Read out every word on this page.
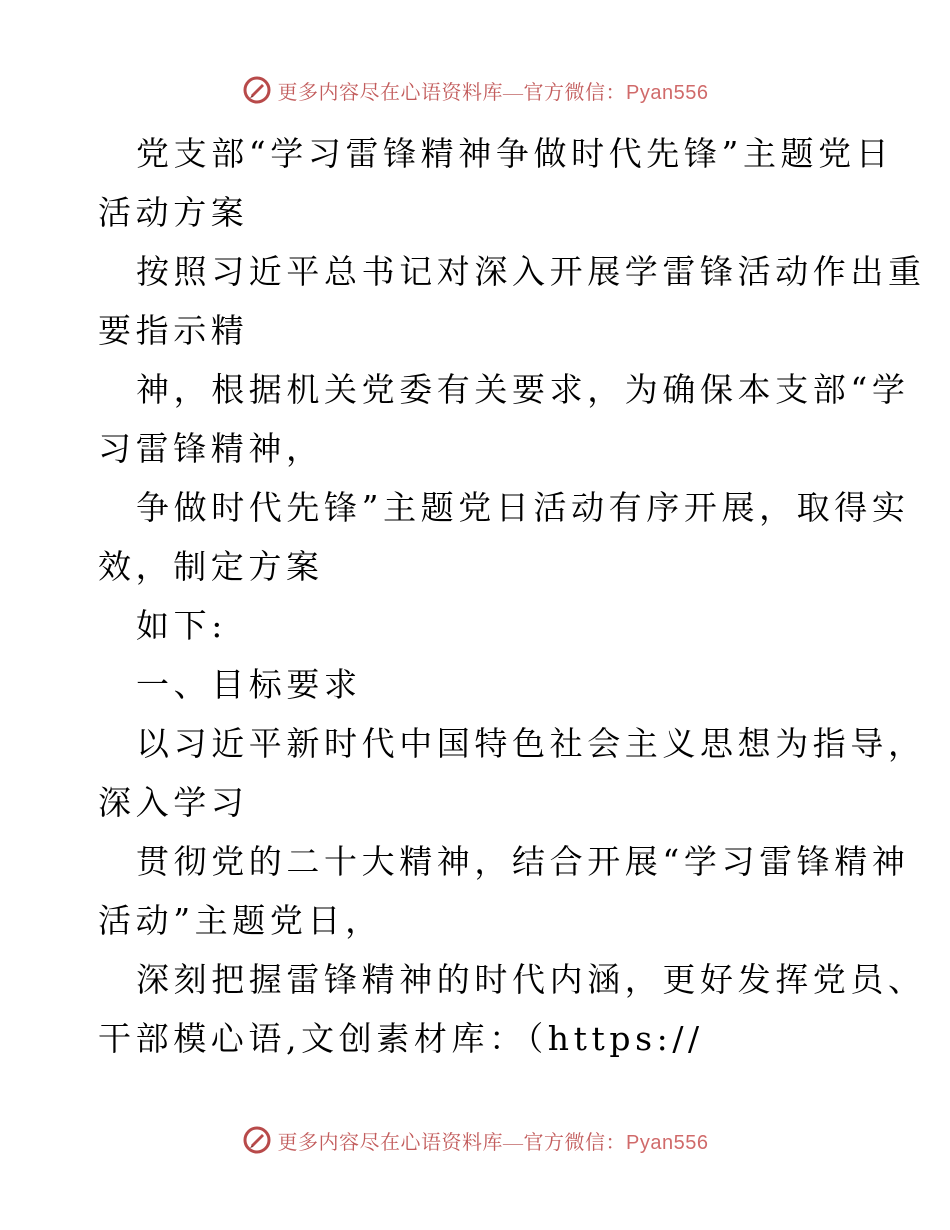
更多内容尽在心语资料库—官方微信：Pyan556
党支部“学习雷锋精神争做时代先锋”主题党日
活动方案
按照习近平总书记对深入开展学雷锋活动作出重
要指示精
神，根据机关党委有关要求，为确保本支部“学
习雷锋精神，
争做时代先锋”主题党日活动有序开展，取得实
效，制定方案
如下:
一、目标要求
以习近平新时代中国特色社会主义思想为指导，
深入学习
贯彻党的二十大精神，结合开展“学习雷锋精神
活动”主题党日，
深刻把握雷锋精神的时代内涵，更好发挥党员、
干部模心语,文创素材库：（https://
更多内容尽在心语资料库—官方微信：Pyan556
